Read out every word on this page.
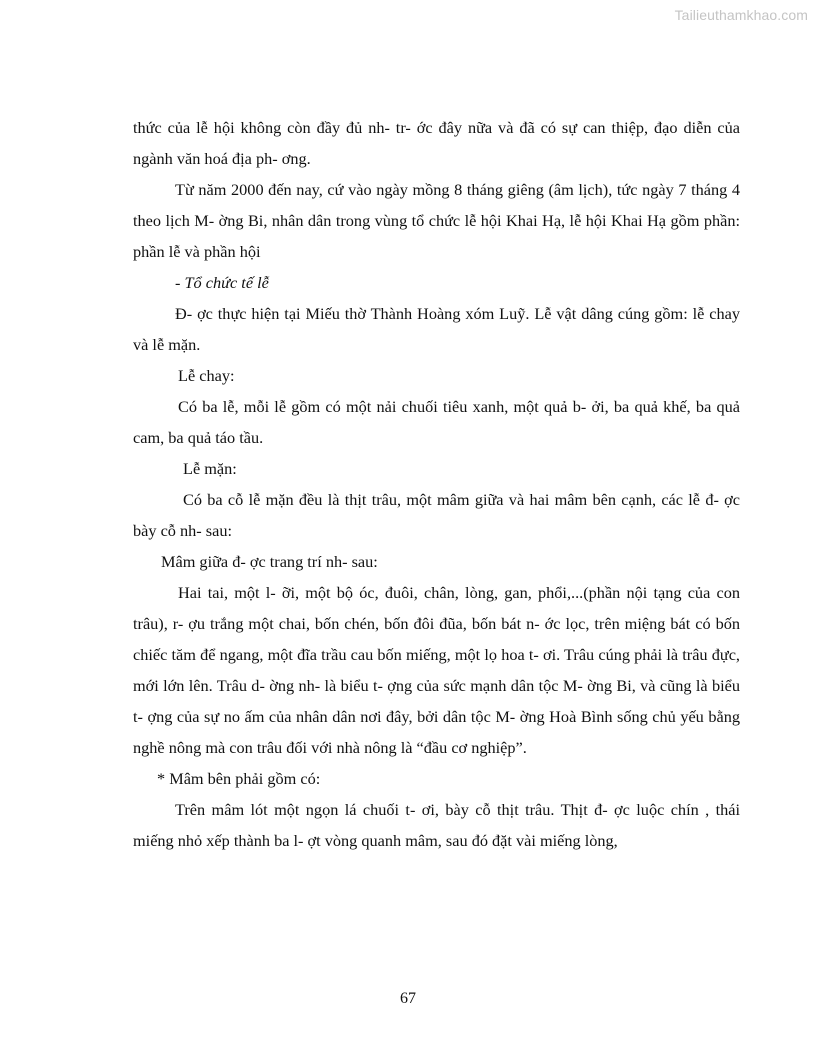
Tailieuthamkhao.com

thức của lễ hội không còn đầy đủ nh- tr- ớc đây nữa và đã có sự can thiệp, đạo diễn của ngành văn hoá địa ph- ơng.

Từ năm 2000 đến nay, cứ vào ngày mồng 8 tháng giêng (âm lịch), tức ngày 7 tháng 4 theo lịch M- ờng Bi, nhân dân trong vùng tổ chức lễ hội Khai Hạ, lễ hội Khai Hạ gồm phần: phần lễ và phần hội

- Tổ chức tế lễ

Đ- ợc thực hiện tại Miếu thờ Thành Hoàng xóm Luỹ. Lễ vật dâng cúng gồm: lễ chay và lễ mặn.

Lễ chay:

Có ba lễ, mỗi lễ gồm có một nải chuối tiêu xanh, một quả b- ởi, ba quả khế, ba quả cam, ba quả táo tầu.

Lễ mặn:

Có ba cỗ lễ mặn đều là thịt trâu, một mâm giữa và hai mâm bên cạnh, các lễ đ- ợc bày cỗ nh- sau:

Mâm giữa đ- ợc trang trí nh- sau:

Hai tai, một l- ỡi, một bộ óc, đuôi, chân, lòng, gan, phổi,...(phần nội tạng của con trâu), r- ợu trắng một chai, bốn chén, bốn đôi đũa, bốn bát n- ớc lọc, trên miệng bát có bốn chiếc tăm để ngang, một đĩa trầu cau bốn miếng, một lọ hoa t- ơi. Trâu cúng phải là trâu đực, mới lớn lên. Trâu d- ờng nh- là biểu t- ợng của sức mạnh dân tộc M- ờng Bi, và cũng là biểu t- ợng của sự no ấm của nhân dân nơi đây, bởi dân tộc M- ờng Hoà Bình sống chủ yếu bằng nghề nông mà con trâu đối với nhà nông là “đầu cơ nghiệp”.

* Mâm bên phải gồm có:

Trên mâm lót một ngọn lá chuối t- ơi, bày cỗ thịt trâu. Thịt đ- ợc luộc chín , thái miếng nhỏ xếp thành ba l- ợt vòng quanh mâm, sau đó đặt vài miếng lòng,

67
